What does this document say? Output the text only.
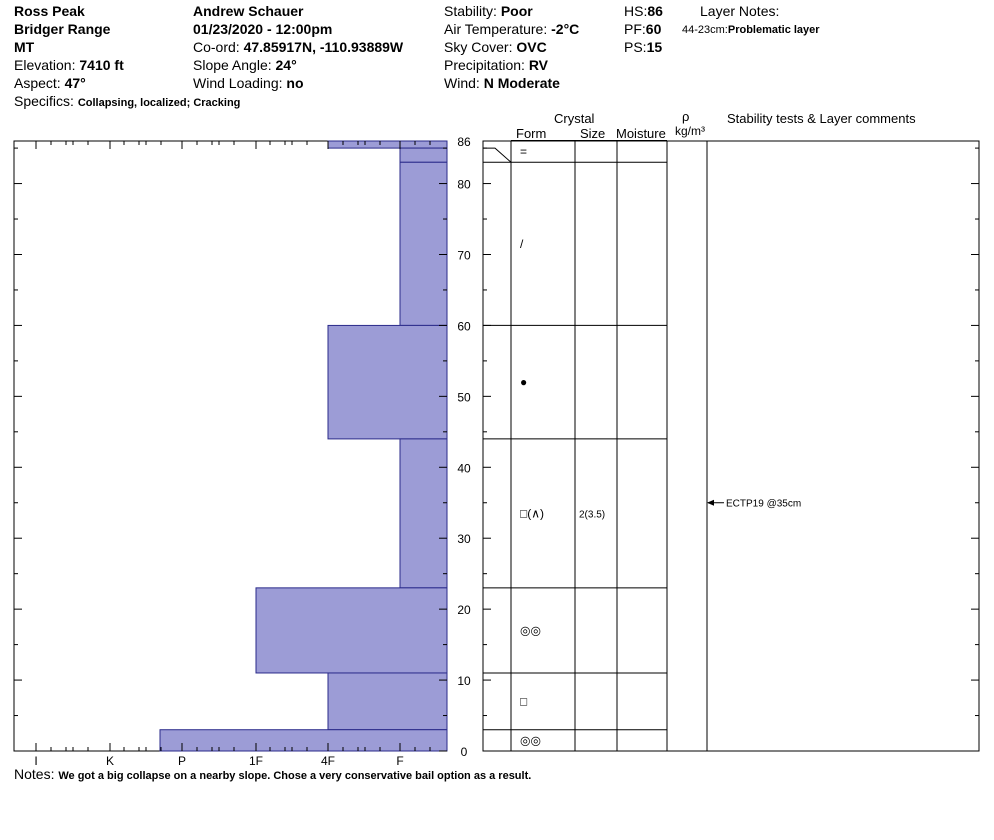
Ross Peak
Bridger Range
MT
Elevation: 7410 ft
Aspect: 47°
Specifics: Collapsing, localized; Cracking
Andrew Schauer
01/23/2020 - 12:00pm
Co-ord: 47.85917N, -110.93889W
Slope Angle: 24°
Wind Loading: no
Stability: Poor
Air Temperature: -2°C
Sky Cover: OVC
Precipitation: RV
Wind: N Moderate
HS:86
PF:60
PS:15
Layer Notes:
44-23cm:Problematic layer
Crystal
Form	Size Moisture
ρ
kg/m³
Stability tests & Layer comments
I	K	P	1F	4F	F
0
10
20
30
40
50
60
70
80
86
=
/
●
□(∧)	2(3.5)
◎◎
□
◎◎
ECTP19 @35cm
Notes: We got a big collapse on a nearby slope. Chose a very conservative bail option as a result.
